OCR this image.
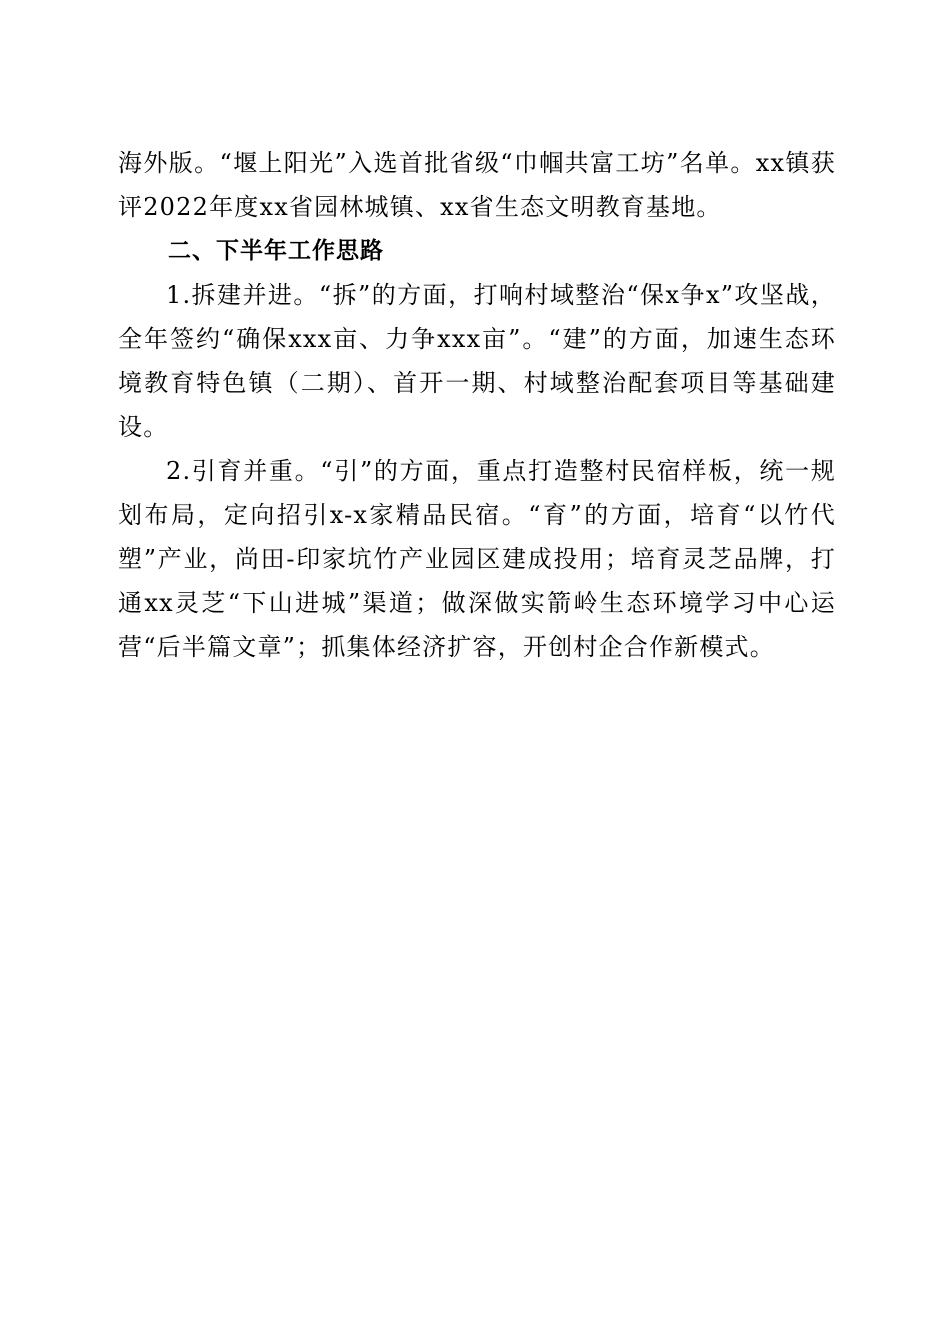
海外版。“堰上阳光”入选首批省级“巾帼共富工坊”名单。xx镇获评2022年度xx省园林城镇、xx省生态文明教育基地。

二、下半年工作思路

1.拆建并进。“拆”的方面，打响村域整治“保x争x”攻坚战，全年签约“确保xxx亩、力争xxx亩”。“建”的方面，加速生态环境教育特色镇（二期）、首开一期、村域整治配套项目等基础建设。

2.引育并重。“引”的方面，重点打造整村民宿样板，统一规划布局，定向招引x-x家精品民宿。“育”的方面，培育“以竹代塑”产业，尚田-印家坑竹产业园区建成投用；培育灵芝品牌，打通xx灵芝“下山进城”渠道；做深做实箭岭生态环境学习中心运营“后半篇文章”；抓集体经济扩容，开创村企合作新模式。
